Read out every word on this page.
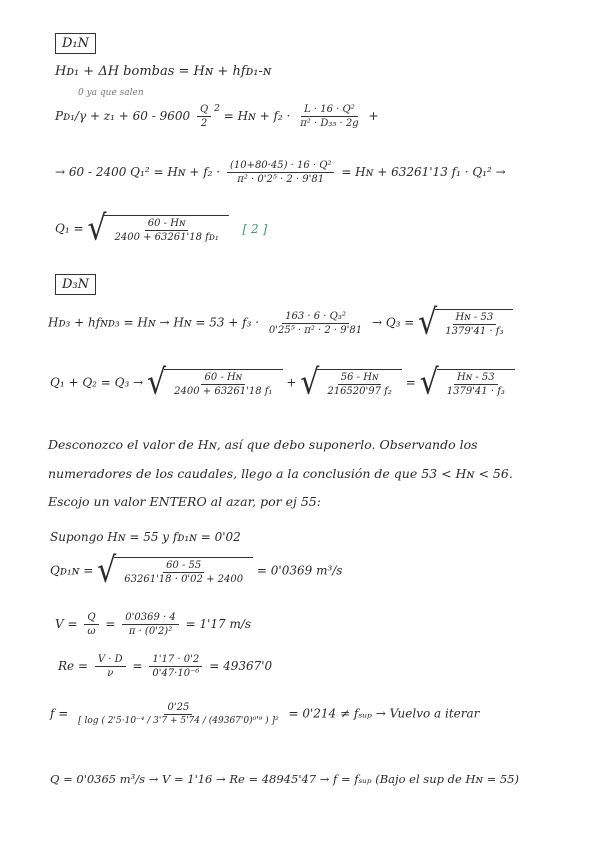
D₁N
Hᴅ₁ + ΔH bombas = Hɴ + hfᴅ₁-ɴ
0 ya que salen
Pᴅ₁/γ + $z_1 + 60 - 9600 \frac{Q}{2} ^2$ = Hɴ + $f_2 \cdot \frac{\text{L · 16 · Q²}}{\text{π² · D₃₅ · 2g}}$ +
→ 60 - 2400 Q₁² = Hɴ + $f_2 \cdot \frac{\text{(10+80·45) · 16 · Q²}}{\text{π² · 0'2⁵ · 2 · 9'81}}$ = Hɴ + 63261'13 f₁ · Q₁² →
Q₁ = √ $\frac{\text{60 - Hɴ}}{\text{2400 + 63261'18 fᴅ₁}}$ [ 2 ]
D₃N
Hᴅ₃ + hfɴᴅ₃ = Hɴ → Hɴ = $53 + f_3 \cdot \frac{\text{163 · 6 · Q₃²}}{\text{0'25⁵ · π² · 2 · 9'81}} \to Q_3$ = √ $\frac{\text{Hɴ - 53}}{\text{1379'41 · f₃}}$
Q₁ + Q₂ = Q₃ → √ $\frac{\text{60 - Hɴ}}{\text{2400 + 63261'18 f₁}}$ + √ $\frac{\text{56 - Hɴ}}{\text{216520'97 f₂}}$ = √ $\frac{\text{Hɴ - 53}}{\text{1379'41 · f₃}}$
Desconozco el valor de Hɴ, así que debo suponerlo. Observando los
numeradores de los caudales, llego a la conclusión de que 53 < Hɴ < 56.
Escojo un valor ENTERO al azar, por ej 55:
Supongo Hɴ = 55 y fᴅ₁ɴ = 0'02
Qᴅ₁ɴ = √ $\frac{60 - 55}{63261'18 \cdot 0'02 + 2400} = 0'0369$ m³/s
$V = \frac{Q}{\omega} = \frac{0'0369 \cdot 4}{\text{π · (0'2)²}} = 1'17$ m/s
$Re = \frac{V \cdot D}{\nu} = \frac{1'17 \cdot 0'2}{\text{0'47·10⁻⁶}} = 49367'0$
$f = \frac{0'25}{\text{[ log ( 2'5·10⁻⁴ / 3'7 + 5'74 / (49367'0)⁰'⁹ ) ]²}} = 0'214$ ≠ fₛᵤₚ → Vuelvo a iterar
Q = 0'0365 m³/s → V = 1'16 → Re = 48945'47 → f = fₛᵤₚ (Bajo el sup de Hɴ = 55)
